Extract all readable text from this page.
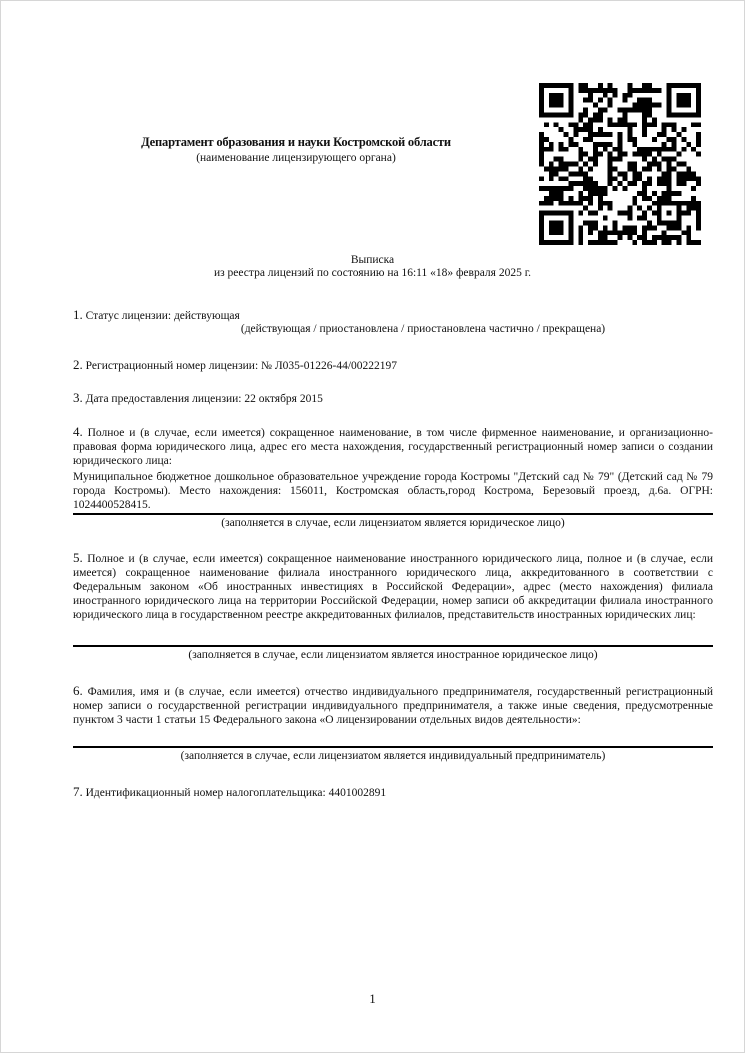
Департамент образования и науки Костромской области
(наименование лицензирующего органа)
Выписка
из реестра лицензий по состоянию на 16:11 «18» февраля 2025 г.
1. Статус лицензии: действующая
(действующая / приостановлена / приостановлена частично / прекращена)
2. Регистрационный номер лицензии: № Л035-01226-44/00222197
3. Дата предоставления лицензии: 22 октября 2015
4. Полное и (в случае, если имеется) сокращенное наименование, в том числе фирменное наименование, и организационно-правовая форма юридического лица, адрес его места нахождения, государственный регистрационный номер записи о создании юридического лица:
Муниципальное бюджетное дошкольное образовательное учреждение города Костромы "Детский сад № 79" (Детский сад № 79 города Костромы). Место нахождения: 156011, Костромская область,город Кострома, Березовый проезд, д.6а. ОГРН: 1024400528415.
(заполняется в случае, если лицензиатом является юридическое лицо)
5. Полное и (в случае, если имеется) сокращенное наименование иностранного юридического лица, полное и (в случае, если имеется) сокращенное наименование филиала иностранного юридического лица, аккредитованного в соответствии с Федеральным законом «Об иностранных инвестициях в Российской Федерации», адрес (место нахождения) филиала иностранного юридического лица на территории Российской Федерации, номер записи об аккредитации филиала иностранного юридического лица в государственном реестре аккредитованных филиалов, представительств иностранных юридических лиц:
(заполняется в случае, если лицензиатом является иностранное юридическое лицо)
6. Фамилия, имя и (в случае, если имеется) отчество индивидуального предпринимателя, государственный регистрационный номер записи о государственной регистрации индивидуального предпринимателя, а также иные сведения, предусмотренные пунктом 3 части 1 статьи 15 Федерального закона «О лицензировании отдельных видов деятельности»:
(заполняется в случае, если лицензиатом является индивидуальный предприниматель)
7. Идентификационный номер налогоплательщика: 4401002891
1
